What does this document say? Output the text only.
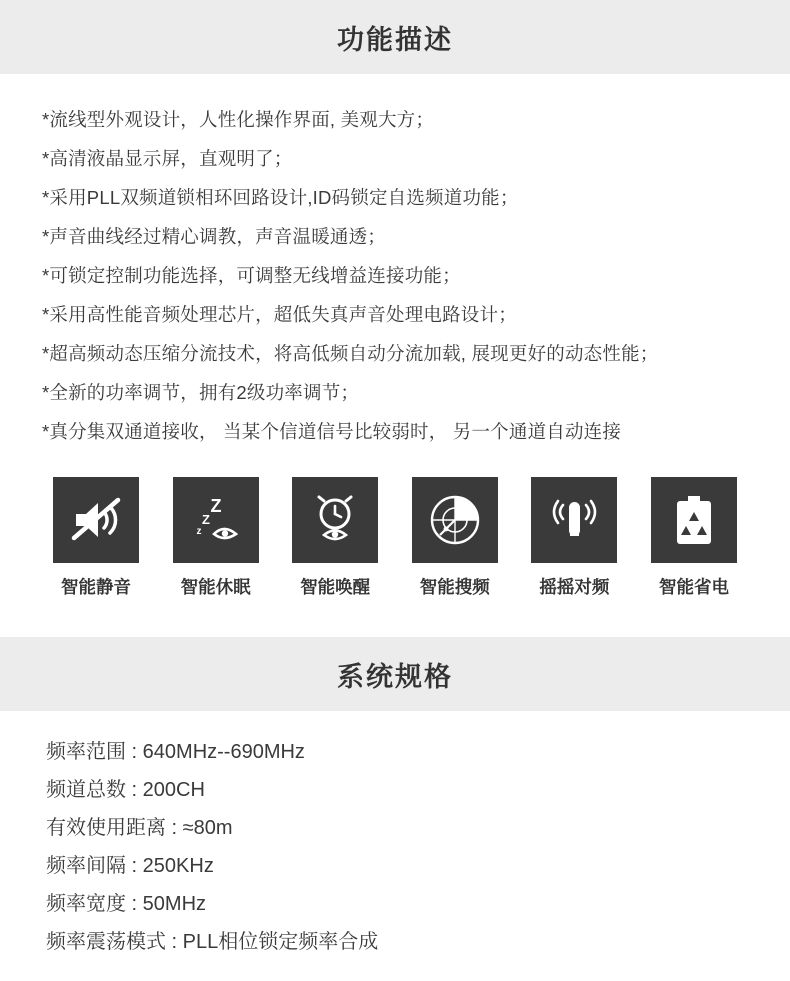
功能描述
*流线型外观设计，人性化操作界面, 美观大方；
*高清液晶显示屏，直观明了；
*采用PLL双频道锁相环回路设计,ID码锁定自选频道功能；
*声音曲线经过精心调教，声音温暖通透；
*可锁定控制功能选择，可调整无线增益连接功能；
*采用高性能音频处理芯片，超低失真声音处理电路设计；
*超高频动态压缩分流技术，将高低频自动分流加载, 展现更好的动态性能；
*全新的功率调节，拥有2级功率调节；
*真分集双通道接收， 当某个信道信号比较弱时， 另一个通道自动连接
智能静音
Z
Z
z
智能休眠	智能唤醒	智能搜频	摇摇对频	智能省电
系统规格
频率范围 : 640MHz--690MHz
频道总数 : 200CH
有效使用距离 : ≈80m
频率间隔 : 250KHz
频率宽度 : 50MHz
频率震荡模式 : PLL相位锁定频率合成
